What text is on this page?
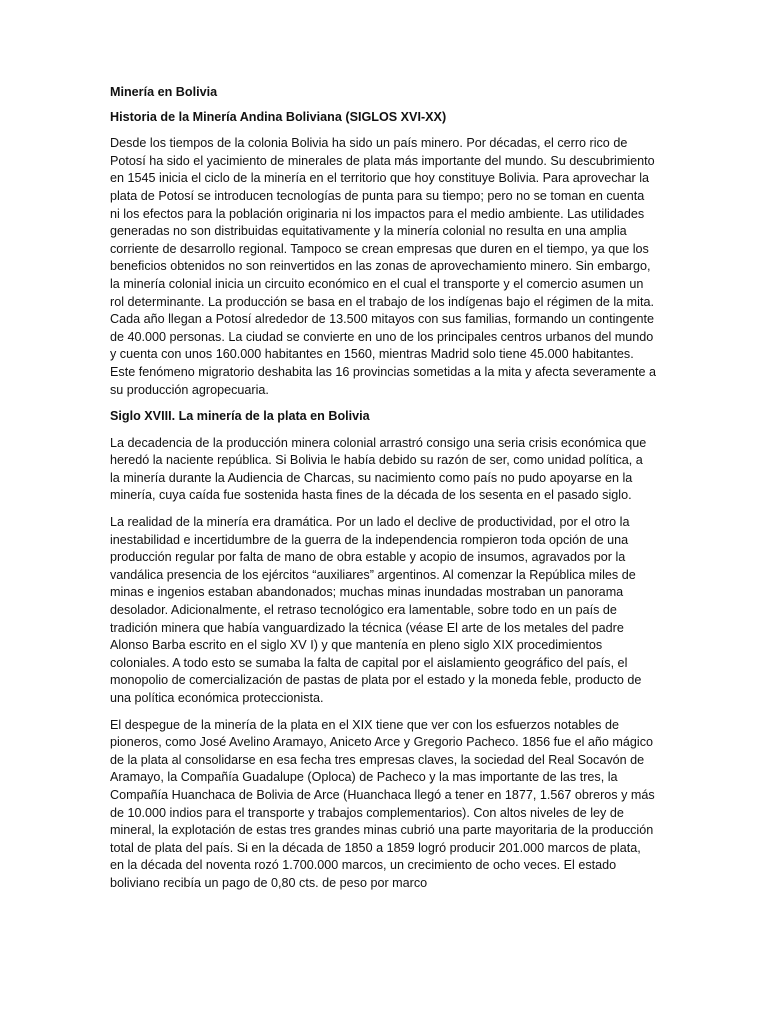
Minería en Bolivia
Historia de la Minería Andina Boliviana (SIGLOS XVI-XX)
Desde los tiempos de la colonia Bolivia ha sido un país minero. Por décadas, el cerro rico de Potosí ha sido el yacimiento de minerales de plata más importante del mundo. Su descubrimiento en 1545 inicia el ciclo de la minería en el territorio que hoy constituye Bolivia. Para aprovechar la plata de Potosí se introducen tecnologías de punta para su tiempo; pero no se toman en cuenta ni los efectos para la población originaria ni los impactos para el medio ambiente. Las utilidades generadas no son distribuidas equitativamente y la minería colonial no resulta en una amplia corriente de desarrollo regional. Tampoco se crean empresas que duren en el tiempo, ya que los beneficios obtenidos no son reinvertidos en las zonas de aprovechamiento minero. Sin embargo, la minería colonial inicia un circuito económico en el cual el transporte y el comercio asumen un rol determinante. La producción se basa en el trabajo de los indígenas bajo el régimen de la mita. Cada año llegan a Potosí alrededor de 13.500 mitayos con sus familias, formando un contingente de 40.000 personas. La ciudad se convierte en uno de los principales centros urbanos del mundo y cuenta con unos 160.000 habitantes en 1560, mientras Madrid solo tiene 45.000 habitantes. Este fenómeno migratorio deshabita las 16 provincias sometidas a la mita y afecta severamente a su producción agropecuaria.
Siglo XVIII. La minería de la plata en Bolivia
La decadencia de la producción minera colonial arrastró consigo una seria crisis económica que heredó la naciente república. Si Bolivia le había debido su razón de ser, como unidad política, a la minería durante la Audiencia de Charcas, su nacimiento como país no pudo apoyarse en la minería, cuya caída fue sostenida hasta fines de la década de los sesenta en el pasado siglo.
La realidad de la minería era dramática. Por un lado el declive de productividad, por el otro la inestabilidad e incertidumbre de la guerra de la independencia rompieron toda opción de una producción regular por falta de mano de obra estable y acopio de insumos, agravados por la vandálica presencia de los ejércitos “auxiliares” argentinos. Al comenzar la República miles de minas e ingenios estaban abandonados; muchas minas inundadas mostraban un panorama desolador. Adicionalmente, el retraso tecnológico era lamentable, sobre todo en un país de tradición minera que había vanguardizado la técnica (véase El arte de los metales del padre Alonso Barba escrito en el siglo XV I) y que mantenía en pleno siglo XIX procedimientos coloniales. A todo esto se sumaba la falta de capital por el aislamiento geográfico del país, el monopolio de comercialización de pastas de plata por el estado y la moneda feble, producto de una política económica proteccionista.
El despegue de la minería de la plata en el XIX tiene que ver con los esfuerzos notables de pioneros, como José Avelino Aramayo, Aniceto Arce y Gregorio Pacheco. 1856 fue el año mágico de la plata al consolidarse en esa fecha tres empresas claves, la sociedad del Real Socavón de Aramayo, la Compañía Guadalupe (Oploca) de Pacheco y la mas importante de las tres, la Compañía Huanchaca de Bolivia de Arce (Huanchaca llegó a tener en 1877, 1.567 obreros y más de 10.000 indios para el transporte y trabajos complementarios). Con altos niveles de ley de mineral, la explotación de estas tres grandes minas cubrió una parte mayoritaria de la producción total de plata del país. Si en la década de 1850 a 1859 logró producir 201.000 marcos de plata, en la década del noventa rozó 1.700.000 marcos, un crecimiento de ocho veces. El estado boliviano recibía un pago de 0,80 cts. de peso por marco
